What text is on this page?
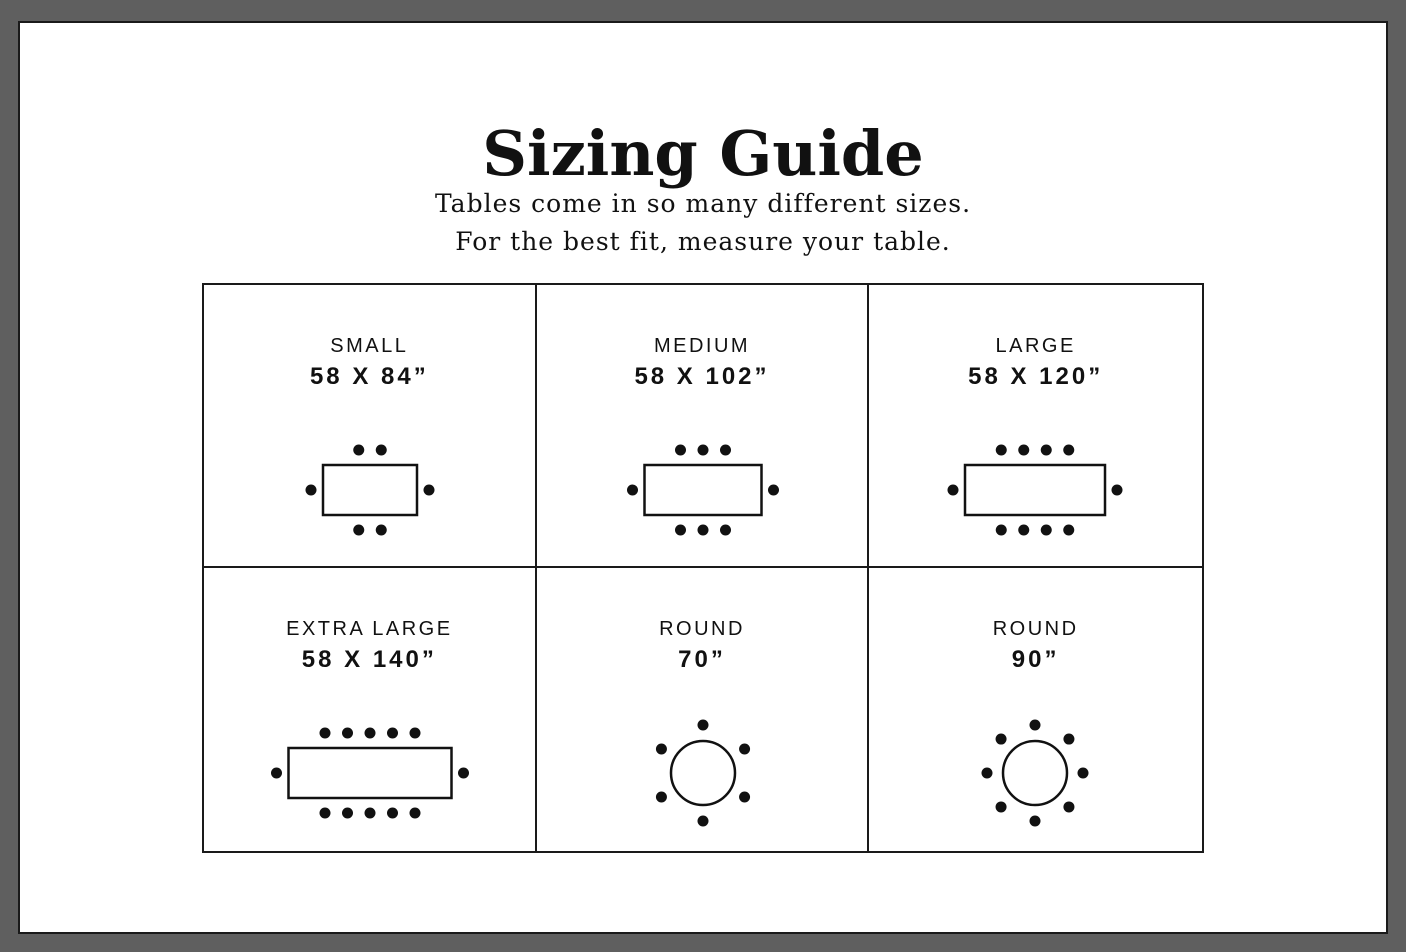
Sizing Guide
Tables come in so many different sizes.
For the best fit, measure your table.
SMALL
58 X 84”
MEDIUM
58 X 102”
LARGE
58 X 120”
EXTRA LARGE
58 X 140”
ROUND
70”
ROUND
90”
